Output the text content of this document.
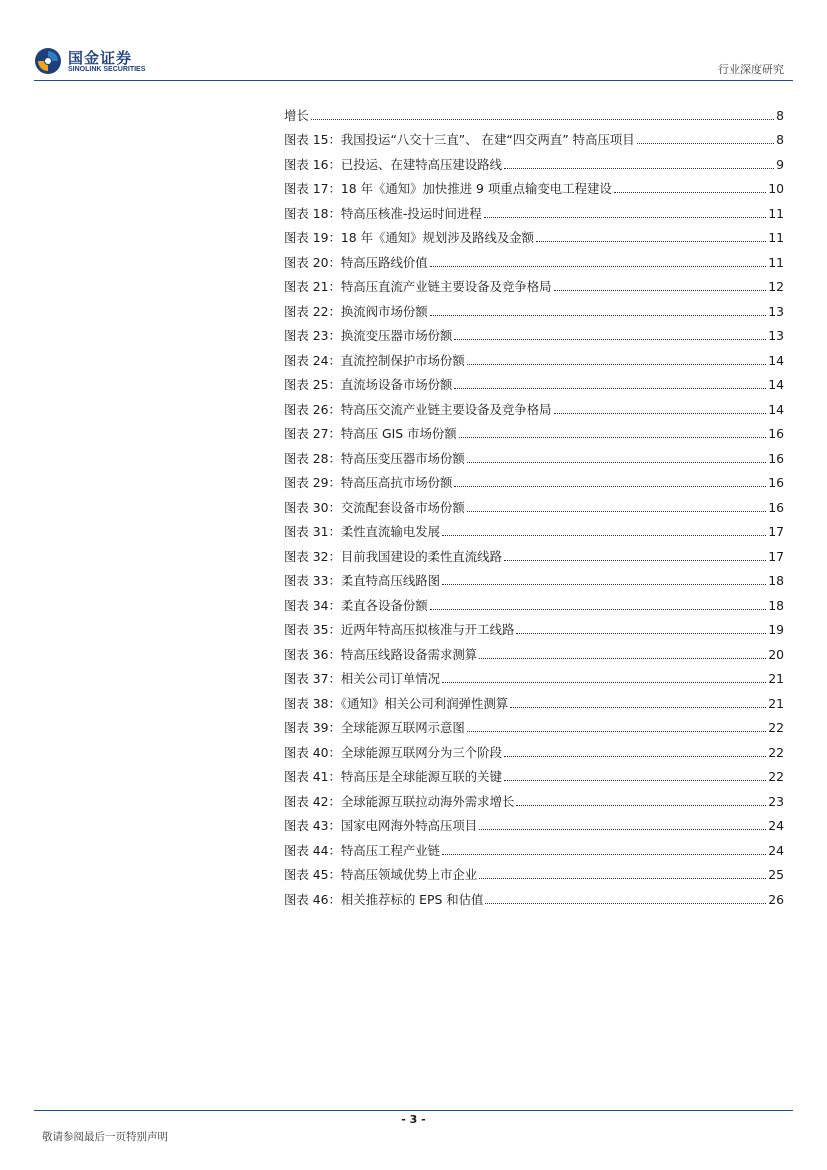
国金证券
SINOLINK SECURITIES	行业深度研究
增长	8
图表 15：我国投运“八交十三直”、 在建“四交两直” 特高压项目	8
图表 16：已投运、在建特高压建设路线	9
图表 17：18 年《通知》加快推进 9 项重点输变电工程建设	10
图表 18：特高压核准-投运时间进程	11
图表 19：18 年《通知》规划涉及路线及金额	11
图表 20：特高压路线价值	11
图表 21：特高压直流产业链主要设备及竞争格局	12
图表 22：换流阀市场份额	13
图表 23：换流变压器市场份额	13
图表 24：直流控制保护市场份额	14
图表 25：直流场设备市场份额	14
图表 26：特高压交流产业链主要设备及竞争格局	14
图表 27：特高压 GIS 市场份额	16
图表 28：特高压变压器市场份额	16
图表 29：特高压高抗市场份额	16
图表 30：交流配套设备市场份额	16
图表 31：柔性直流输电发展	17
图表 32：目前我国建设的柔性直流线路	17
图表 33：柔直特高压线路图	18
图表 34：柔直各设备份额	18
图表 35：近两年特高压拟核准与开工线路	19
图表 36：特高压线路设备需求测算	20
图表 37：相关公司订单情况	21
图表 38：《通知》相关公司利润弹性测算	21
图表 39：全球能源互联网示意图	22
图表 40：全球能源互联网分为三个阶段	22
图表 41：特高压是全球能源互联的关键	22
图表 42：全球能源互联拉动海外需求增长	23
图表 43：国家电网海外特高压项目	24
图表 44：特高压工程产业链	24
图表 45：特高压领域优势上市企业	25
图表 46：相关推荐标的 EPS 和估值	26
- 3 -
敬请参阅最后一页特别声明
